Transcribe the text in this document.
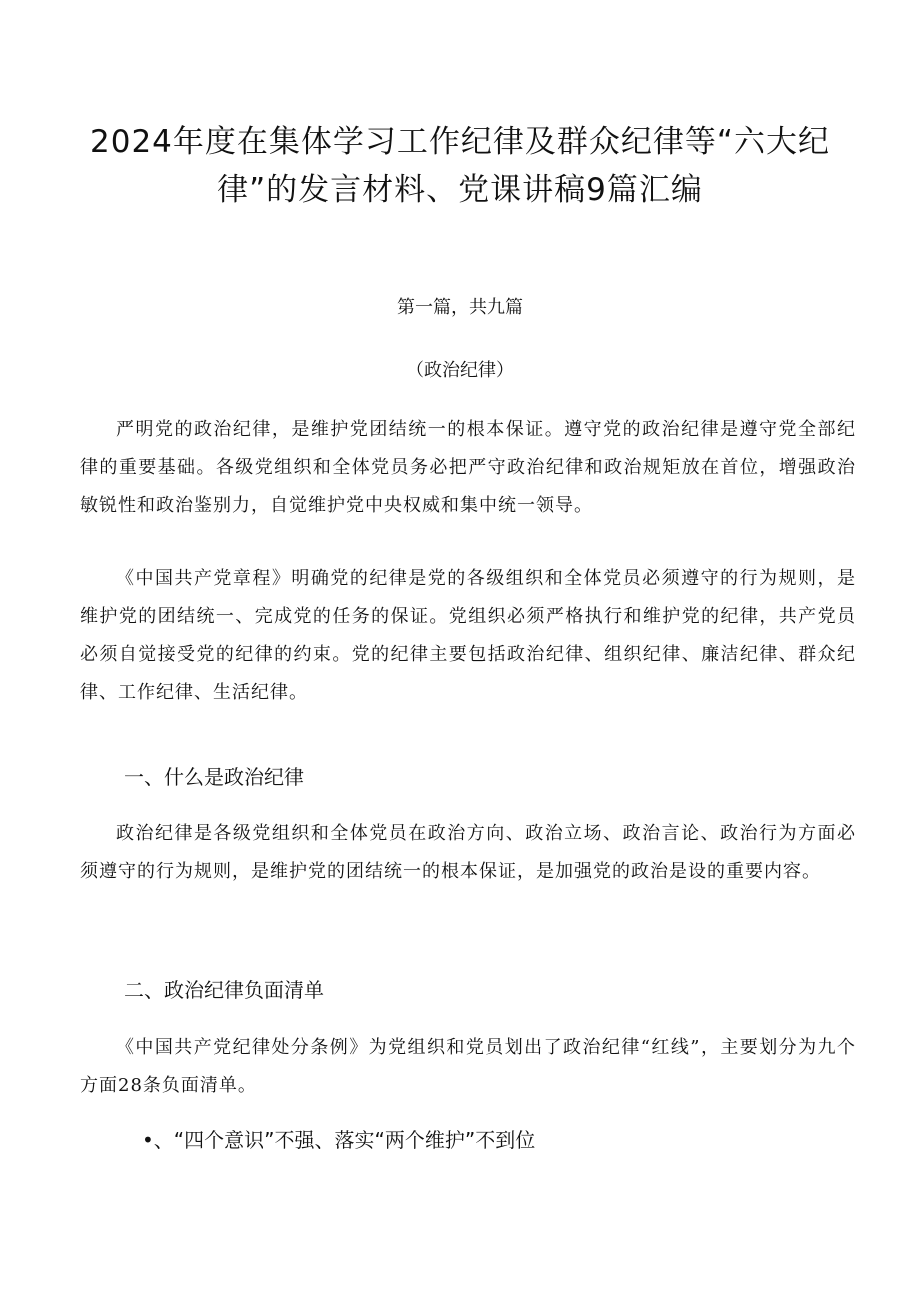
2024年度在集体学习工作纪律及群众纪律等“六大纪律”的发言材料、党课讲稿9篇汇编

第一篇，共九篇

（政治纪律）

严明党的政治纪律，是维护党团结统一的根本保证。遵守党的政治纪律是遵守党全部纪律的重要基础。各级党组织和全体党员务必把严守政治纪律和政治规矩放在首位，增强政治敏锐性和政治鉴别力，自觉维护党中央权威和集中统一领导。

《中国共产党章程》明确党的纪律是党的各级组织和全体党员必须遵守的行为规则，是维护党的团结统一、完成党的任务的保证。党组织必须严格执行和维护党的纪律，共产党员必须自觉接受党的纪律的约束。党的纪律主要包括政治纪律、组织纪律、廉洁纪律、群众纪律、工作纪律、生活纪律。

一、什么是政治纪律

政治纪律是各级党组织和全体党员在政治方向、政治立场、政治言论、政治行为方面必须遵守的行为规则，是维护党的团结统一的根本保证，是加强党的政治是设的重要内容。

二、政治纪律负面清单

《中国共产党纪律处分条例》为党组织和党员划出了政治纪律“红线”，主要划分为九个方面28条负面清单。

•、“四个意识”不强、落实“两个维护”不到位
